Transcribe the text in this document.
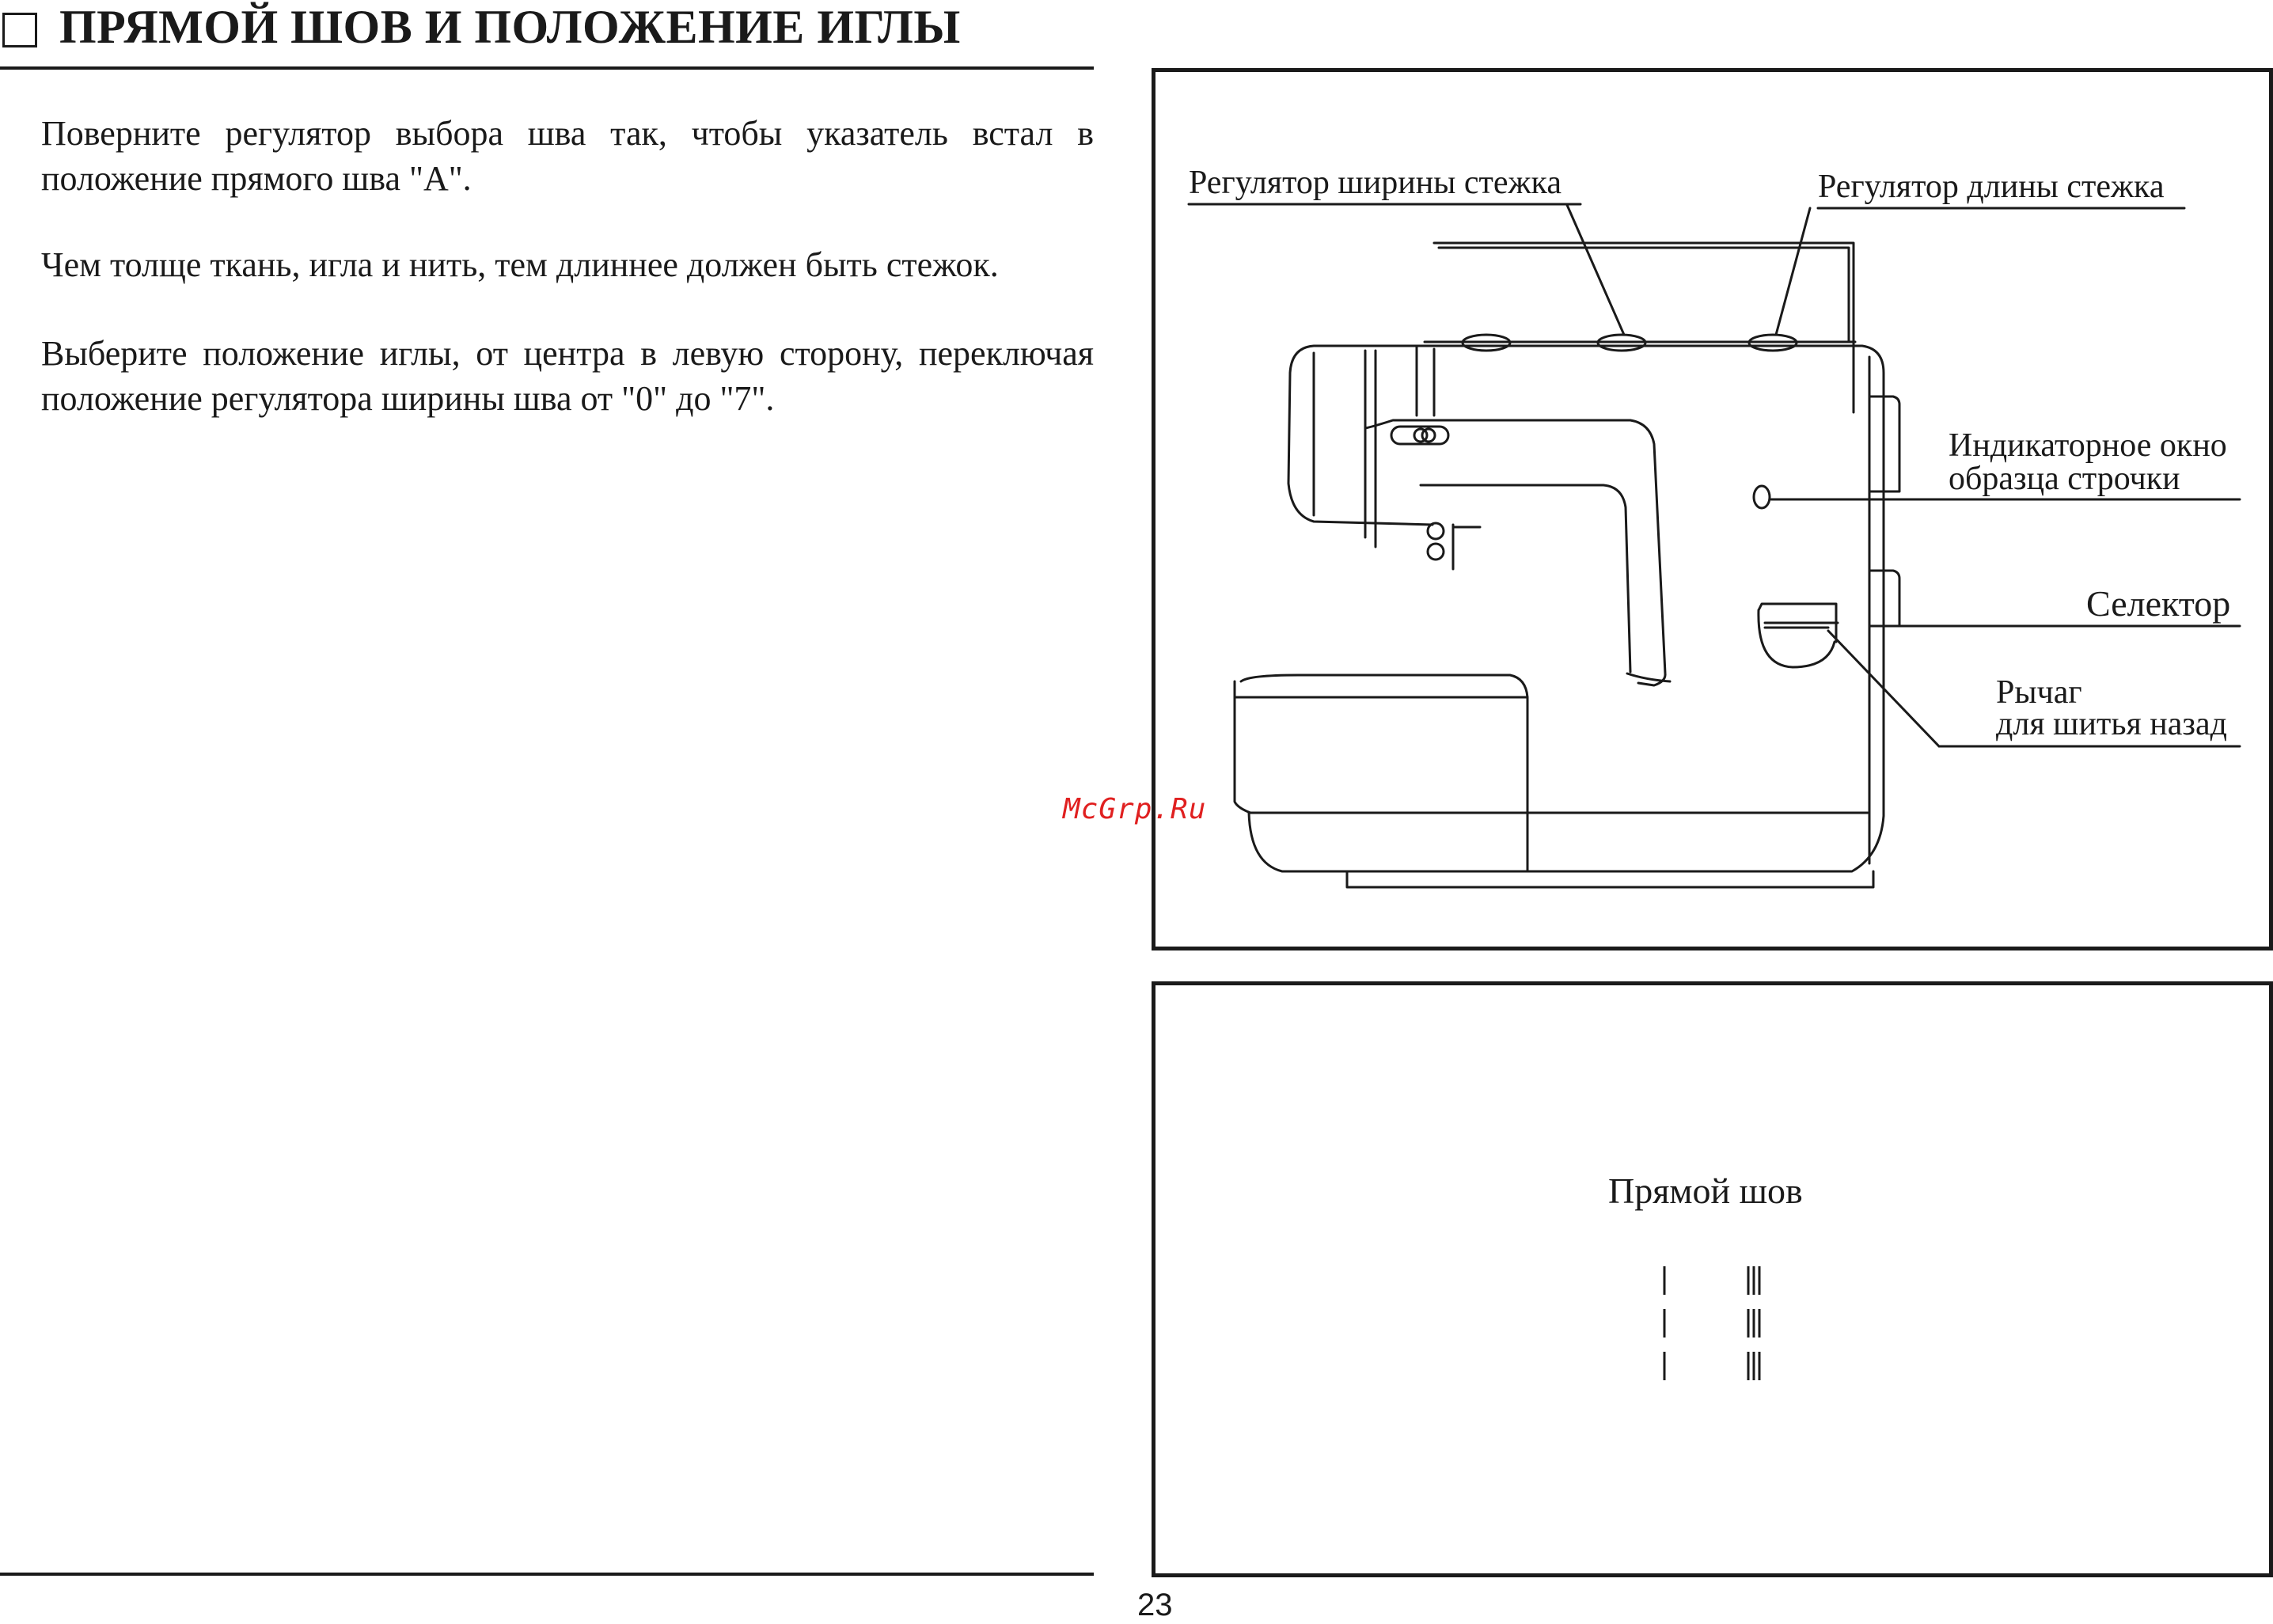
ПРЯМОЙ ШОВ И ПОЛОЖЕНИЕ ИГЛЫ
Поверните регулятор выбора шва так, чтобы указатель встал в положение прямого шва "А".
Чем толще ткань, игла и нить, тем длиннее должен быть стежок.
Выберите положение иглы, от центра в левую сторону, переключая положение регулятора ширины шва от "0" до "7".
Регулятор ширины стежка	Регулятор длины стежка
Индикаторное окно
образца строчки
Селектор
Рычаг
для шитья назад
McGrp.Ru
Прямой шов
23
